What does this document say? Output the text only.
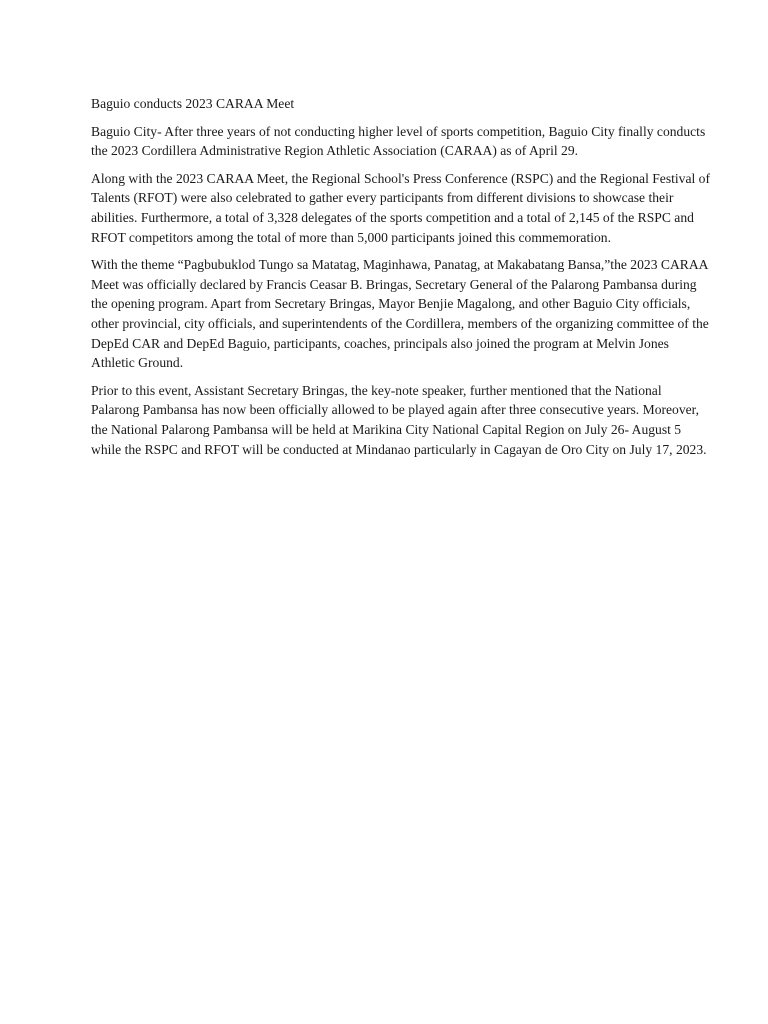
Baguio conducts 2023 CARAA Meet

Baguio City- After three years of not conducting higher level of sports competition, Baguio City finally conducts the 2023 Cordillera Administrative Region Athletic Association (CARAA) as of April 29.

Along with the 2023 CARAA Meet, the Regional School's Press Conference (RSPC) and the Regional Festival of Talents (RFOT) were also celebrated to gather every participants from different divisions to showcase their abilities. Furthermore, a total of 3,328 delegates of the sports competition and a total of 2,145 of the RSPC and RFOT competitors among the total of more than 5,000 participants joined this commemoration.

With the theme “Pagbubuklod Tungo sa Matatag, Maginhawa, Panatag, at Makabatang Bansa,”the 2023 CARAA Meet was officially declared by Francis Ceasar B. Bringas, Secretary General of the Palarong Pambansa during the opening program. Apart from Secretary Bringas, Mayor Benjie Magalong, and other Baguio City officials, other provincial, city officials, and superintendents of the Cordillera, members of the organizing committee of the DepEd CAR and DepEd Baguio, participants, coaches, principals also joined the program at Melvin Jones Athletic Ground.

Prior to this event, Assistant Secretary Bringas, the key-note speaker, further mentioned that the National Palarong Pambansa has now been officially allowed to be played again after three consecutive years. Moreover, the National Palarong Pambansa will be held at Marikina City National Capital Region on July 26- August 5 while the RSPC and RFOT will be conducted at Mindanao particularly in Cagayan de Oro City on July 17, 2023.
